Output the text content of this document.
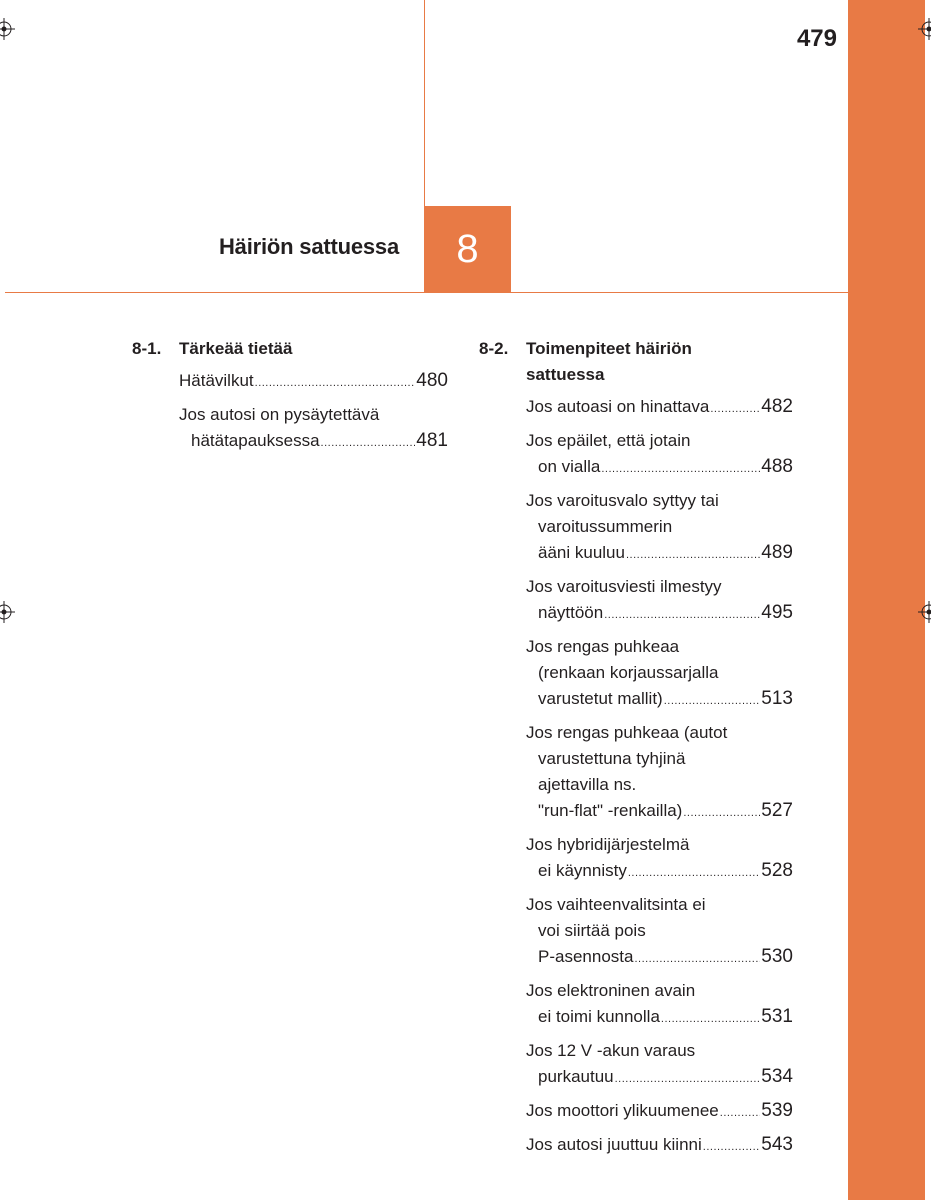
8
Häiriön sattuessa
479
8-1.	Tärkeää tietää
Hätävilkut .....	480
Jos autosi on pysäytettävä
hätätapauksessa .....	481
8-2.	Toimenpiteet häiriön
sattuessa
Jos autoasi on hinattava .....	482
Jos epäilet, että jotain
on vialla .....	488
Jos varoitusvalo syttyy tai
varoitussummerin
ääni kuuluu .....	489
Jos varoitusviesti ilmestyy
näyttöön .....	495
Jos rengas puhkeaa
(renkaan korjaussarjalla
varustetut mallit) .....	513
Jos rengas puhkeaa (autot
varustettuna tyhjinä
ajettavilla ns.
"run-flat" -renkailla) .....	527
Jos hybridijärjestelmä
ei käynnisty .....	528
Jos vaihteenvalitsinta ei
voi siirtää pois
P-asennosta .....	530
Jos elektroninen avain
ei toimi kunnolla .....	531
Jos 12 V -akun varaus
purkautuu .....	534
Jos moottori ylikuumenee ..... 539
Jos autosi juuttuu kiinni .....	543
